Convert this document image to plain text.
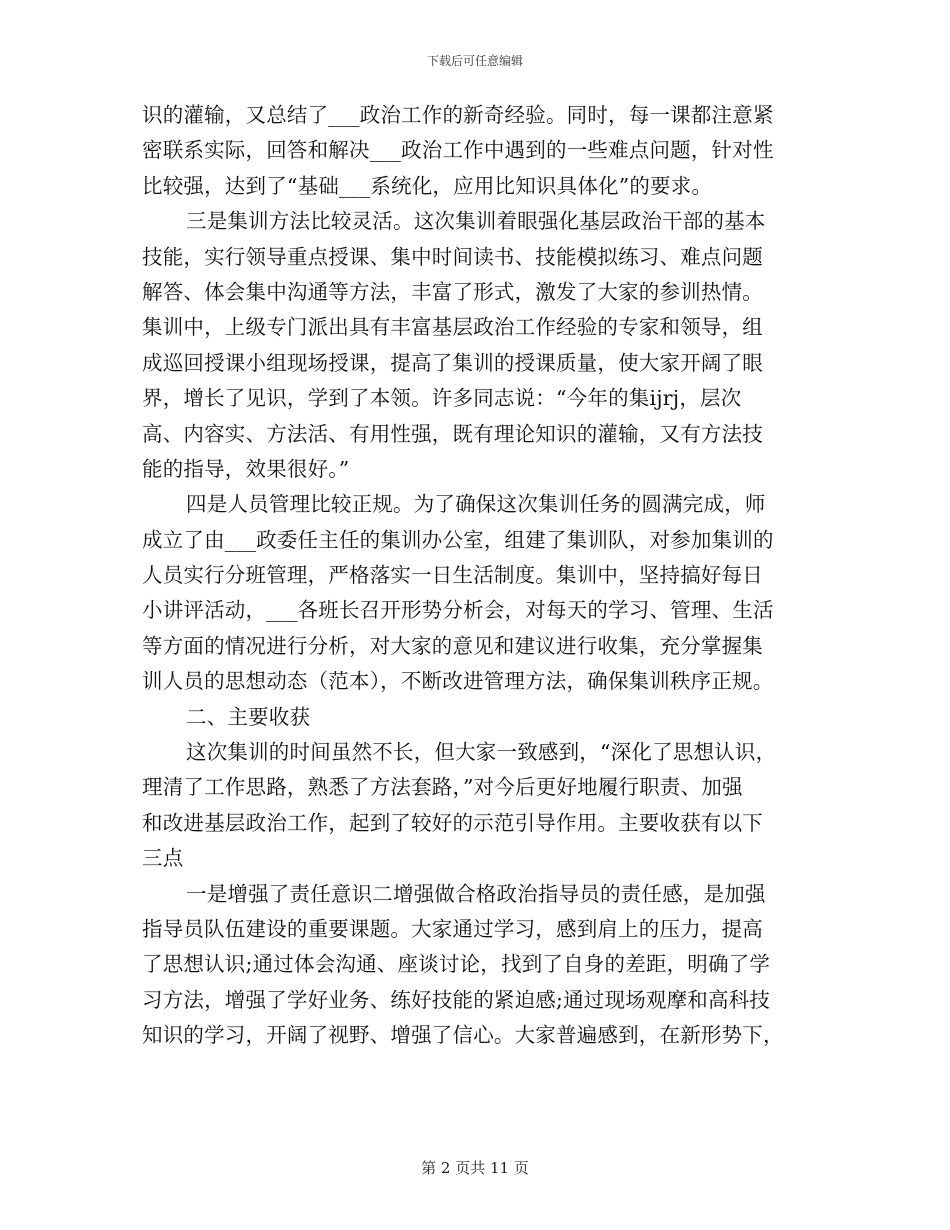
下载后可任意编辑
识的灌输，又总结了___政治工作的新奇经验。同时，每一课都注意紧
密联系实际，回答和解决___政治工作中遇到的一些难点问题，针对性
比较强，达到了“基础___系统化，应用比知识具体化”的要求。
三是集训方法比较灵活。这次集训着眼强化基层政治干部的基本
技能，实行领导重点授课、集中时间读书、技能模拟练习、难点问题
解答、体会集中沟通等方法，丰富了形式，激发了大家的参训热情。
集训中，上级专门派出具有丰富基层政治工作经验的专家和领导，组
成巡回授课小组现场授课，提高了集训的授课质量，使大家开阔了眼
界，增长了见识，学到了本领。许多同志说：“今年的集ijrj，层次
高、内容实、方法活、有用性强，既有理论知识的灌输，又有方法技
能的指导，效果很好。”
四是人员管理比较正规。为了确保这次集训任务的圆满完成，师
成立了由___政委任主任的集训办公室，组建了集训队，对参加集训的
人员实行分班管理，严格落实一日生活制度。集训中，坚持搞好每日
小讲评活动，___各班长召开形势分析会，对每天的学习、管理、生活
等方面的情况进行分析，对大家的意见和建议进行收集，充分掌握集
训人员的思想动态（范本），不断改进管理方法，确保集训秩序正规。
二、主要收获
这次集训的时间虽然不长，但大家一致感到，“深化了思想认识，
理清了工作思路，熟悉了方法套路，”对今后更好地履行职责、加强
和改进基层政治工作，起到了较好的示范引导作用。主要收获有以下
三点
一是增强了责任意识二增强做合格政治指导员的责任感，是加强
指导员队伍建设的重要课题。大家通过学习，感到肩上的压力，提高
了思想认识;通过体会沟通、座谈讨论，找到了自身的差距，明确了学
习方法，增强了学好业务、练好技能的紧迫感;通过现场观摩和高科技
知识的学习，开阔了视野、增强了信心。大家普遍感到，在新形势下，
第 2 页共 11 页
